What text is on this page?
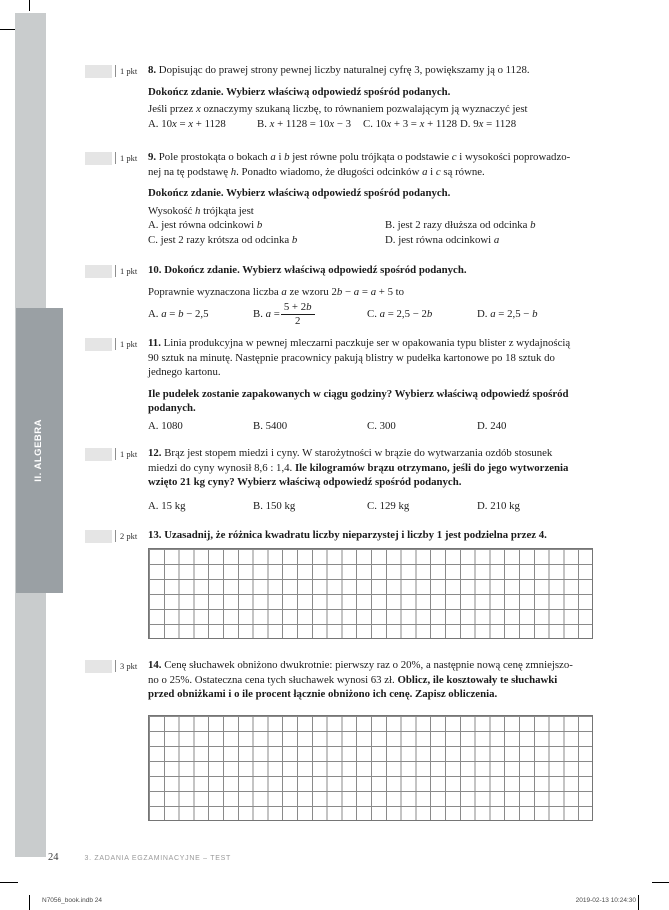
II. ALGEBRA
1 pkt 8. Dopisując do prawej strony pewnej liczby naturalnej cyfrę 3, powiększamy ją o 1128.

Dokończ zdanie. Wybierz właściwą odpowiedź spośród podanych.

Jeśli przez x oznaczymy szukaną liczbę, to równaniem pozwalającym ją wyznaczyć jest

A. 10x = x + 1128	B. x + 1128 = 10x − 3	C. 10x + 3 = x + 1128 D. 9x = 1128
1 pkt 9. Pole prostokąta o bokach a i b jest równe polu trójkąta o podstawie c i wysokości poprowadzo-
nej na tę podstawę h. Ponadto wiadomo, że długości odcinków a i c są równe.

Dokończ zdanie. Wybierz właściwą odpowiedź spośród podanych.

Wysokość h trójkąta jest

A. jest równa odcinkowi b	B. jest 2 razy dłuższa od odcinka b
C. jest 2 razy krótsza od odcinka b	D. jest równa odcinkowi a
1 pkt 10. Dokończ zdanie. Wybierz właściwą odpowiedź spośród podanych.

Poprawnie wyznaczona liczba a ze wzoru 2b − a = a + 5 to

A. a = b − 2,5	B. $a = \frac{5 + 2b}{2}$	C. a = 2,5 − 2b	D. a = 2,5 − b
1 pkt 11. Linia produkcyjna w pewnej mleczarni paczkuje ser w opakowania typu blister z wydajnością
90 sztuk na minutę. Następnie pracownicy pakują blistry w pudełka kartonowe po 18 sztuk do
jednego kartonu.

Ile pudełek zostanie zapakowanych w ciągu godziny? Wybierz właściwą odpowiedź spośród
podanych.

A. 1080	B. 5400	C. 300	D. 240
1 pkt 12. Brąz jest stopem miedzi i cyny. W starożytności w brązie do wytwarzania ozdób stosunek
miedzi do cyny wynosił 8,6 : 1,4. Ile kilogramów brązu otrzymano, jeśli do jego wytworzenia
wzięto 21 kg cyny? Wybierz właściwą odpowiedź spośród podanych.

A. 15 kg	B. 150 kg	C. 129 kg	D. 210 kg
2 pkt 13. Uzasadnij, że różnica kwadratu liczby nieparzystej i liczby 1 jest podzielna przez 4.

3 pkt 14. Cenę słuchawek obniżono dwukrotnie: pierwszy raz o 20%, a następnie nową cenę zmniejszo-
no o 25%. Ostateczna cena tych słuchawek wynosi 63 zł. Oblicz, ile kosztowały te słuchawki
przed obniżkami i o ile procent łącznie obniżono ich cenę. Zapisz obliczenia.

24	3. ZADANIA EGZAMINACYJNE – TEST
N7056_book.indb 24	2019-02-13 10:24:30
